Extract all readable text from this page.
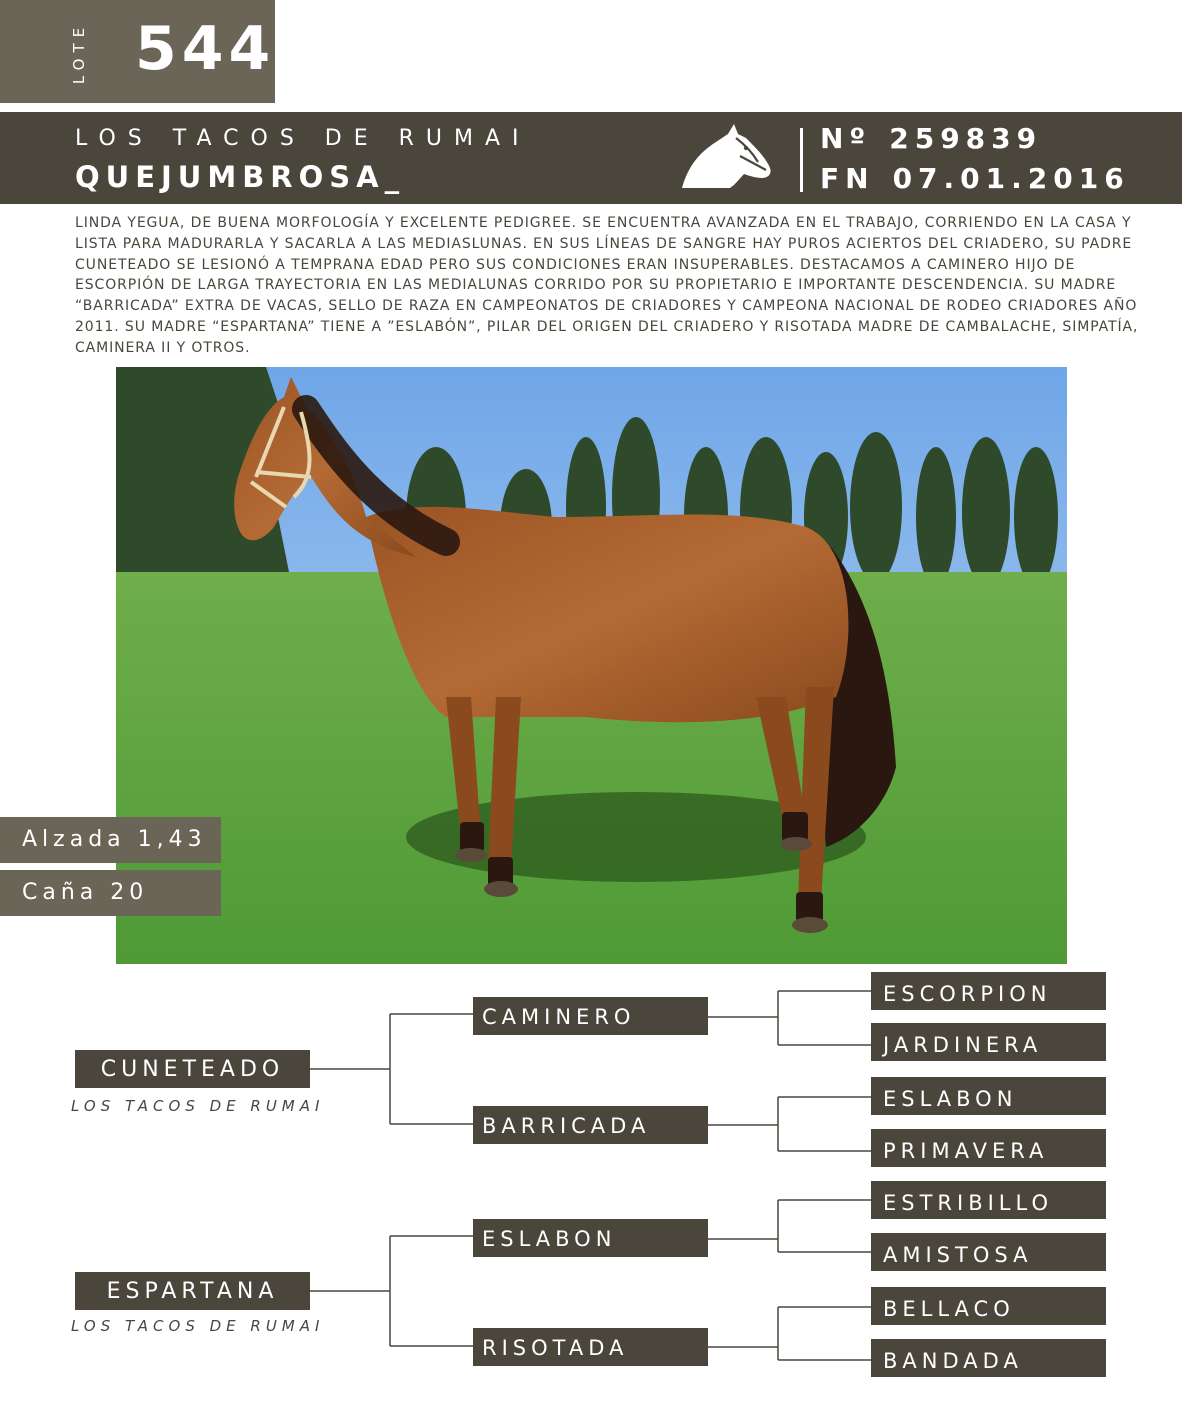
LOTE 544
LOS TACOS DE RUMAI
QUEJUMBROSA_
Nº 259839
FN 07.01.2016

LINDA YEGUA, DE BUENA MORFOLOGÍA Y EXCELENTE PEDIGREE. SE ENCUENTRA AVANZADA EN EL TRABAJO, CORRIENDO EN LA CASA Y LISTA PARA MADURARLA Y SACARLA A LAS MEDIASLUNAS. EN SUS LÍNEAS DE SANGRE HAY PUROS ACIERTOS DEL CRIADERO, SU PADRE CUNETEADO SE LESIONÓ A TEMPRANA EDAD PERO SUS CONDICIONES ERAN INSUPERABLES. DESTACAMOS A CAMINERO HIJO DE ESCORPIÓN DE LARGA TRAYECTORIA EN LAS MEDIALUNAS CORRIDO POR SU PROPIETARIO E IMPORTANTE DESCENDENCIA. SU MADRE “BARRICADA” EXTRA DE VACAS, SELLO DE RAZA EN CAMPEONATOS DE CRIADORES Y CAMPEONA NACIONAL DE RODEO CRIADORES AÑO 2011. SU MADRE “ESPARTANA” TIENE A ”ESLABÓN”, PILAR DEL ORIGEN DEL CRIADERO Y RISOTADA MADRE DE CAMBALACHE, SIMPATÍA, CAMINERA II Y OTROS.

Alzada 1,43
Caña 20
CUNETEADO
LOS TACOS DE RUMAI
ESPARTANA
LOS TACOS DE RUMAI
CAMINERO
BARRICADA
ESLABON
RISOTADA
ESCORPION
JARDINERA
ESLABON
PRIMAVERA
ESTRIBILLO
AMISTOSA
BELLACO
BANDADA
